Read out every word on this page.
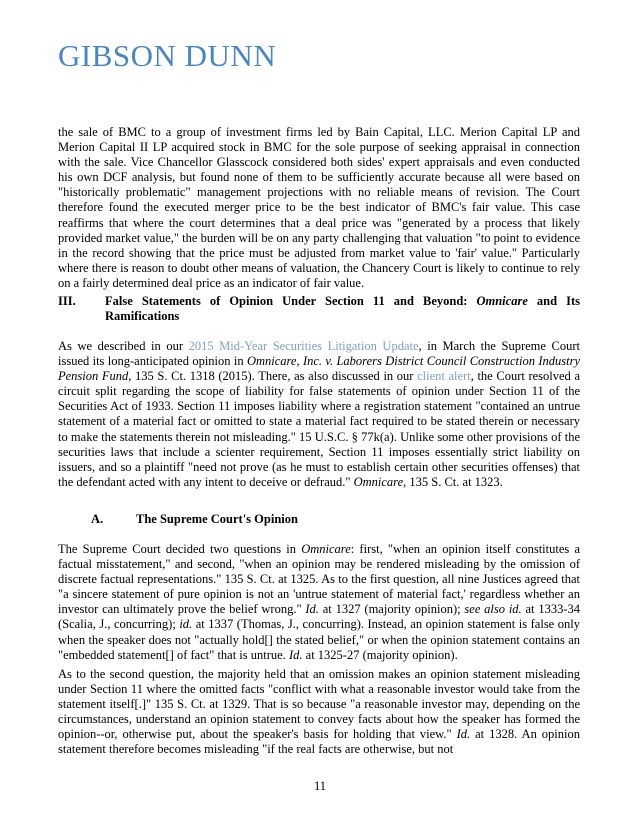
GIBSON DUNN

the sale of BMC to a group of investment firms led by Bain Capital, LLC. Merion Capital LP and Merion Capital II LP acquired stock in BMC for the sole purpose of seeking appraisal in connection with the sale. Vice Chancellor Glasscock considered both sides' expert appraisals and even conducted his own DCF analysis, but found none of them to be sufficiently accurate because all were based on "historically problematic" management projections with no reliable means of revision. The Court therefore found the executed merger price to be the best indicator of BMC's fair value. This case reaffirms that where the court determines that a deal price was "generated by a process that likely provided market value," the burden will be on any party challenging that valuation "to point to evidence in the record showing that the price must be adjusted from market value to 'fair' value." Particularly where there is reason to doubt other means of valuation, the Chancery Court is likely to continue to rely on a fairly determined deal price as an indicator of fair value.

III. False Statements of Opinion Under Section 11 and Beyond: Omnicare and Its
Ramifications

As we described in our 2015 Mid-Year Securities Litigation Update, in March the Supreme Court issued its long-anticipated opinion in Omnicare, Inc. v. Laborers District Council Construction Industry Pension Fund, 135 S. Ct. 1318 (2015). There, as also discussed in our client alert, the Court resolved a circuit split regarding the scope of liability for false statements of opinion under Section 11 of the Securities Act of 1933. Section 11 imposes liability where a registration statement "contained an untrue statement of a material fact or omitted to state a material fact required to be stated therein or necessary to make the statements therein not misleading." 15 U.S.C. § 77k(a). Unlike some other provisions of the securities laws that include a scienter requirement, Section 11 imposes essentially strict liability on issuers, and so a plaintiff "need not prove (as he must to establish certain other securities offenses) that the defendant acted with any intent to deceive or defraud." Omnicare, 135 S. Ct. at 1323.

A.	The Supreme Court's Opinion

The Supreme Court decided two questions in Omnicare: first, "when an opinion itself constitutes a factual misstatement," and second, "when an opinion may be rendered misleading by the omission of discrete factual representations." 135 S. Ct. at 1325. As to the first question, all nine Justices agreed that "a sincere statement of pure opinion is not an 'untrue statement of material fact,' regardless whether an investor can ultimately prove the belief wrong." Id. at 1327 (majority opinion); see also id. at 1333-34 (Scalia, J., concurring); id. at 1337 (Thomas, J., concurring). Instead, an opinion statement is false only when the speaker does not "actually hold[] the stated belief," or when the opinion statement contains an "embedded statement[] of fact" that is untrue. Id. at 1325-27 (majority opinion).

As to the second question, the majority held that an omission makes an opinion statement misleading under Section 11 where the omitted facts "conflict with what a reasonable investor would take from the statement itself[.]" 135 S. Ct. at 1329. That is so because "a reasonable investor may, depending on the circumstances, understand an opinion statement to convey facts about how the speaker has formed the opinion--or, otherwise put, about the speaker's basis for holding that view." Id. at 1328. An opinion statement therefore becomes misleading "if the real facts are otherwise, but not

11
